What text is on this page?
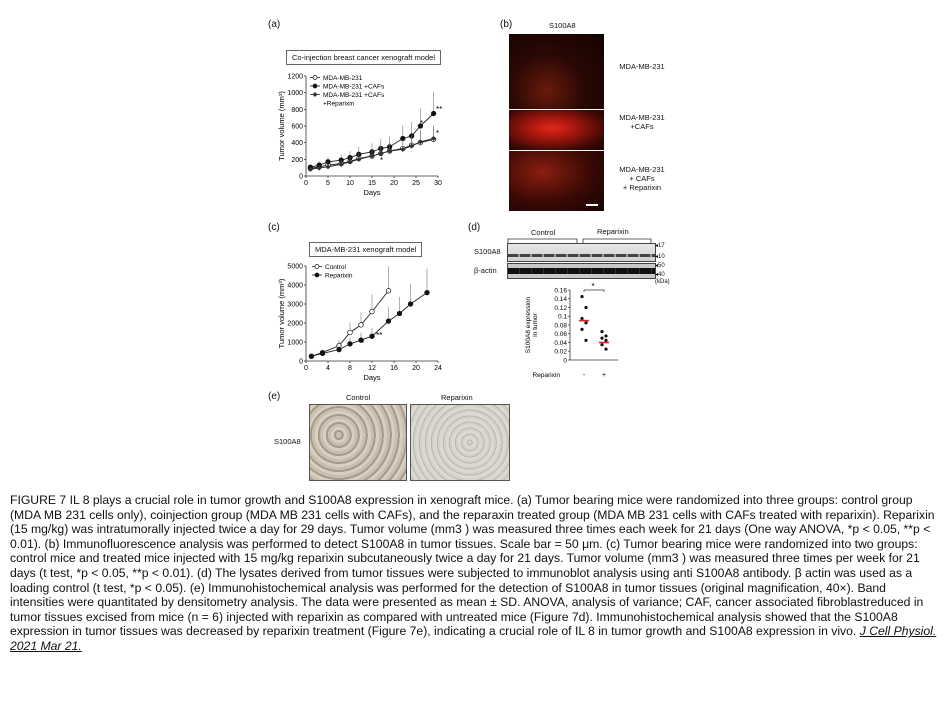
(a)	(b)
(c)	(d)
(e)
Co-injection breast cancer xenograft model
0	5 10 15 20 25 30
0
200
400
600
800
1000
1200
Days
Tumor volume (mm³)
MDA-MB-231
MDA-MB-231 +CAFs
MDA-MB-231 +CAFs
+Reparixin
*
**
*
*
S100A8
MDA-MB-231
MDA-MB-231
+CAFs
MDA-MB-231
+ CAFs
+ Reparixin
MDA-MB-231 xenograft model
0	4	8 12 16 20 24
0
1000
2000
3000
4000
5000
Days
Tumor volume (mm³)
Control
Reparixin
*
**
Control	Reparixin
S100A8
β-actin
◂17
◂10
◂50
◂40
(kDa)
0
0.02
0.04
0.06
0.08
0.1
0.12
0.14
0.16
S100A8 expression in tumor
- +
Reparixin
*
Control	Reparixin
S100A8

FIGURE 7 IL 8 plays a crucial role in tumor growth and S100A8 expression in xenograft mice. (a) Tumor bearing mice were randomized into three groups: control group (MDA MB 231 cells only), coinjection group (MDA MB 231 cells with CAFs), and the reparaxin treated group (MDA MB 231 cells with CAFs treated with reparixin). Reparixin (15 mg/kg) was intratumorally injected twice a day for 29 days. Tumor volume (mm3 ) was measured three times each week for 21 days (One way ANOVA, *p < 0.05, **p < 0.01). (b) Immunofluorescence analysis was performed to detect S100A8 in tumor tissues. Scale bar = 50 μm. (c) Tumor bearing mice were randomized into two groups: control mice and treated mice injected with 15 mg/kg reparixin subcutaneously twice a day for 21 days. Tumor volume (mm3 ) was measured three times per week for 21 days (t test, *p < 0.05, **p < 0.01). (d) The lysates derived from tumor tissues were subjected to immunoblot analysis using anti S100A8 antibody. β actin was used as a loading control (t test, *p < 0.05). (e) Immunohistochemical analysis was performed for the detection of S100A8 in tumor tissues (original magnification, 40×). Band intensities were quantitated by densitometry analysis. The data were presented as mean ± SD. ANOVA, analysis of variance; CAF, cancer associated fibroblastreduced in tumor tissues excised from mice (n = 6) injected with reparixin as compared with untreated mice (Figure 7d). Immunohistochemical analysis showed that the S100A8 expression in tumor tissues was decreased by reparixin treatment (Figure 7e), indicating a crucial role of IL 8 in tumor growth and S100A8 expression in vivo. J Cell Physiol. 2021 Mar 21.
